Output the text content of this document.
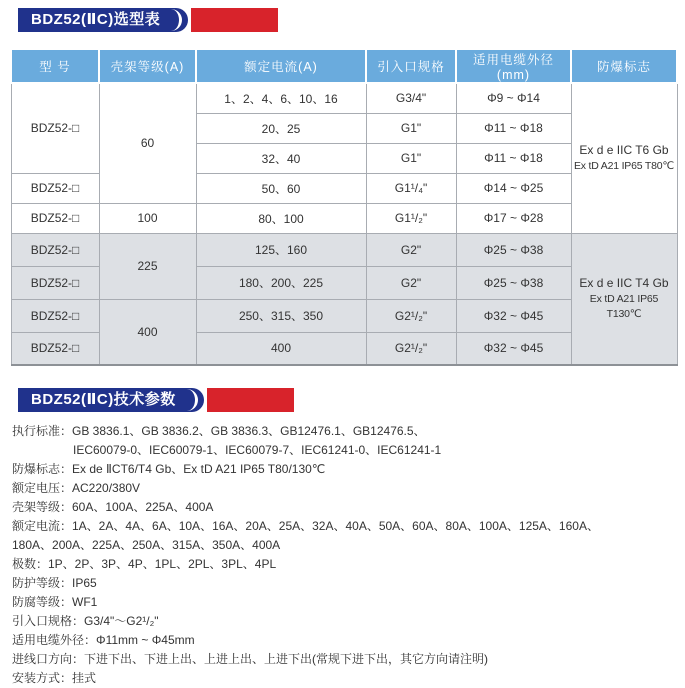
BDZ52(ⅡC)选型表
型 号	壳架等级(A)	额定电流(A)	引入口规格	适用电缆外径(mm)	防爆标志
BDZ52-□	60	1、2、4、6、10、16	G3/4"	Φ9 ~ Φ14	Ex d e IIC T6 Gb
Ex tD A21 IP65 T80℃

		20、25	G1"	Φ11 ~ Φ18	
		32、40	G1"	Φ11 ~ Φ18	
BDZ52-□		50、60	G1¹/₄"	Φ14 ~ Φ25	
BDZ52-□	100	80、100	G1¹/₂"	Φ17 ~ Φ28	
BDZ52-□	225	125、160	G2"	Φ25 ~ Φ38	Ex d e IIC T4 Gb
Ex tD A21 IP65 T130℃

BDZ52-□		180、200、225	G2"	Φ25 ~ Φ38	
BDZ52-□	400	250、315、350	G2¹/₂"	Φ32 ~ Φ45	
BDZ52-□		400	G2¹/₂"	Φ32 ~ Φ45	
BDZ52(ⅡC)技术参数
执行标准：GB 3836.1、GB 3836.2、GB 3836.3、GB12476.1、GB12476.5、
IEC60079-0、IEC60079-1、IEC60079-7、IEC61241-0、IEC61241-1
防爆标志：Ex de ⅡCT6/T4 Gb、Ex tD A21 IP65 T80/130℃
额定电压：AC220/380V
壳架等级：60A、100A、225A、400A
额定电流：1A、2A、4A、6A、10A、16A、20A、25A、32A、40A、50A、60A、80A、100A、125A、160A、
180A、200A、225A、250A、315A、350A、400A
极数：1P、2P、3P、4P、1PL、2PL、3PL、4PL
防护等级：IP65
防腐等级：WF1
引入口规格：G3/4"～G2¹/₂"
适用电缆外径：Φ11mm ~ Φ45mm
进线口方向：下进下出、下进上出、上进上出、上进下出(常规下进下出，其它方向请注明)
安装方式：挂式
